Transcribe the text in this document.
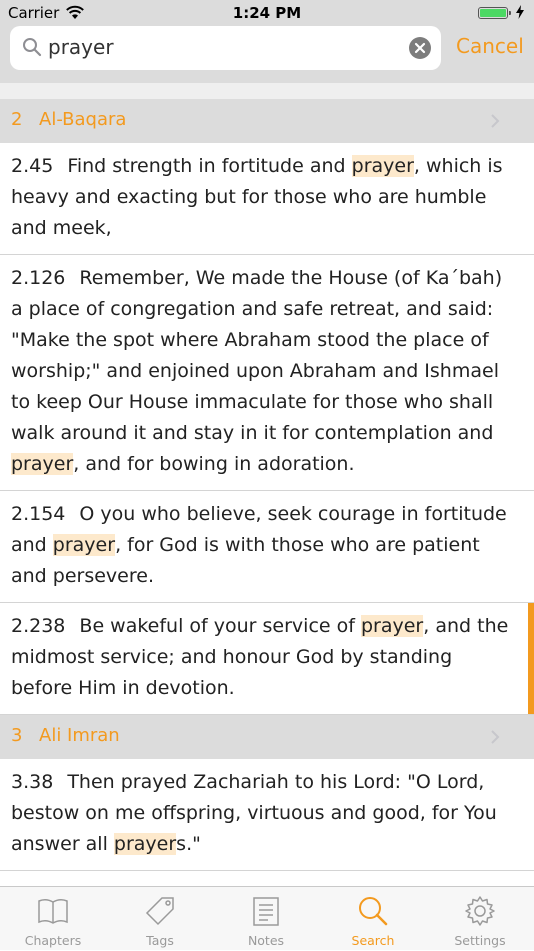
Carrier	1:24 PM
prayer
Cancel
2 Al-Baqara
2.45 Find strength in fortitude and prayer, which is heavy and exacting but for those who are humble and meek,
2.126 Remember, We made the House (of Ka´bah) a place of congregation and safe retreat, and said: "Make the spot where Abraham stood the place of worship;" and enjoined upon Abraham and Ishmael to keep Our House immaculate for those who shall walk around it and stay in it for contemplation and prayer, and for bowing in adoration.
2.154 O you who believe, seek courage in fortitude and prayer, for God is with those who are patient and persevere.
2.238 Be wakeful of your service of prayer, and the midmost service; and honour God by standing before Him in devotion.
3 Ali Imran
3.38 Then prayed Zachariah to his Lord: "O Lord, bestow on me offspring, virtuous and good, for You answer all prayers."
Chapters	Tags	Notes	Search	Settings
